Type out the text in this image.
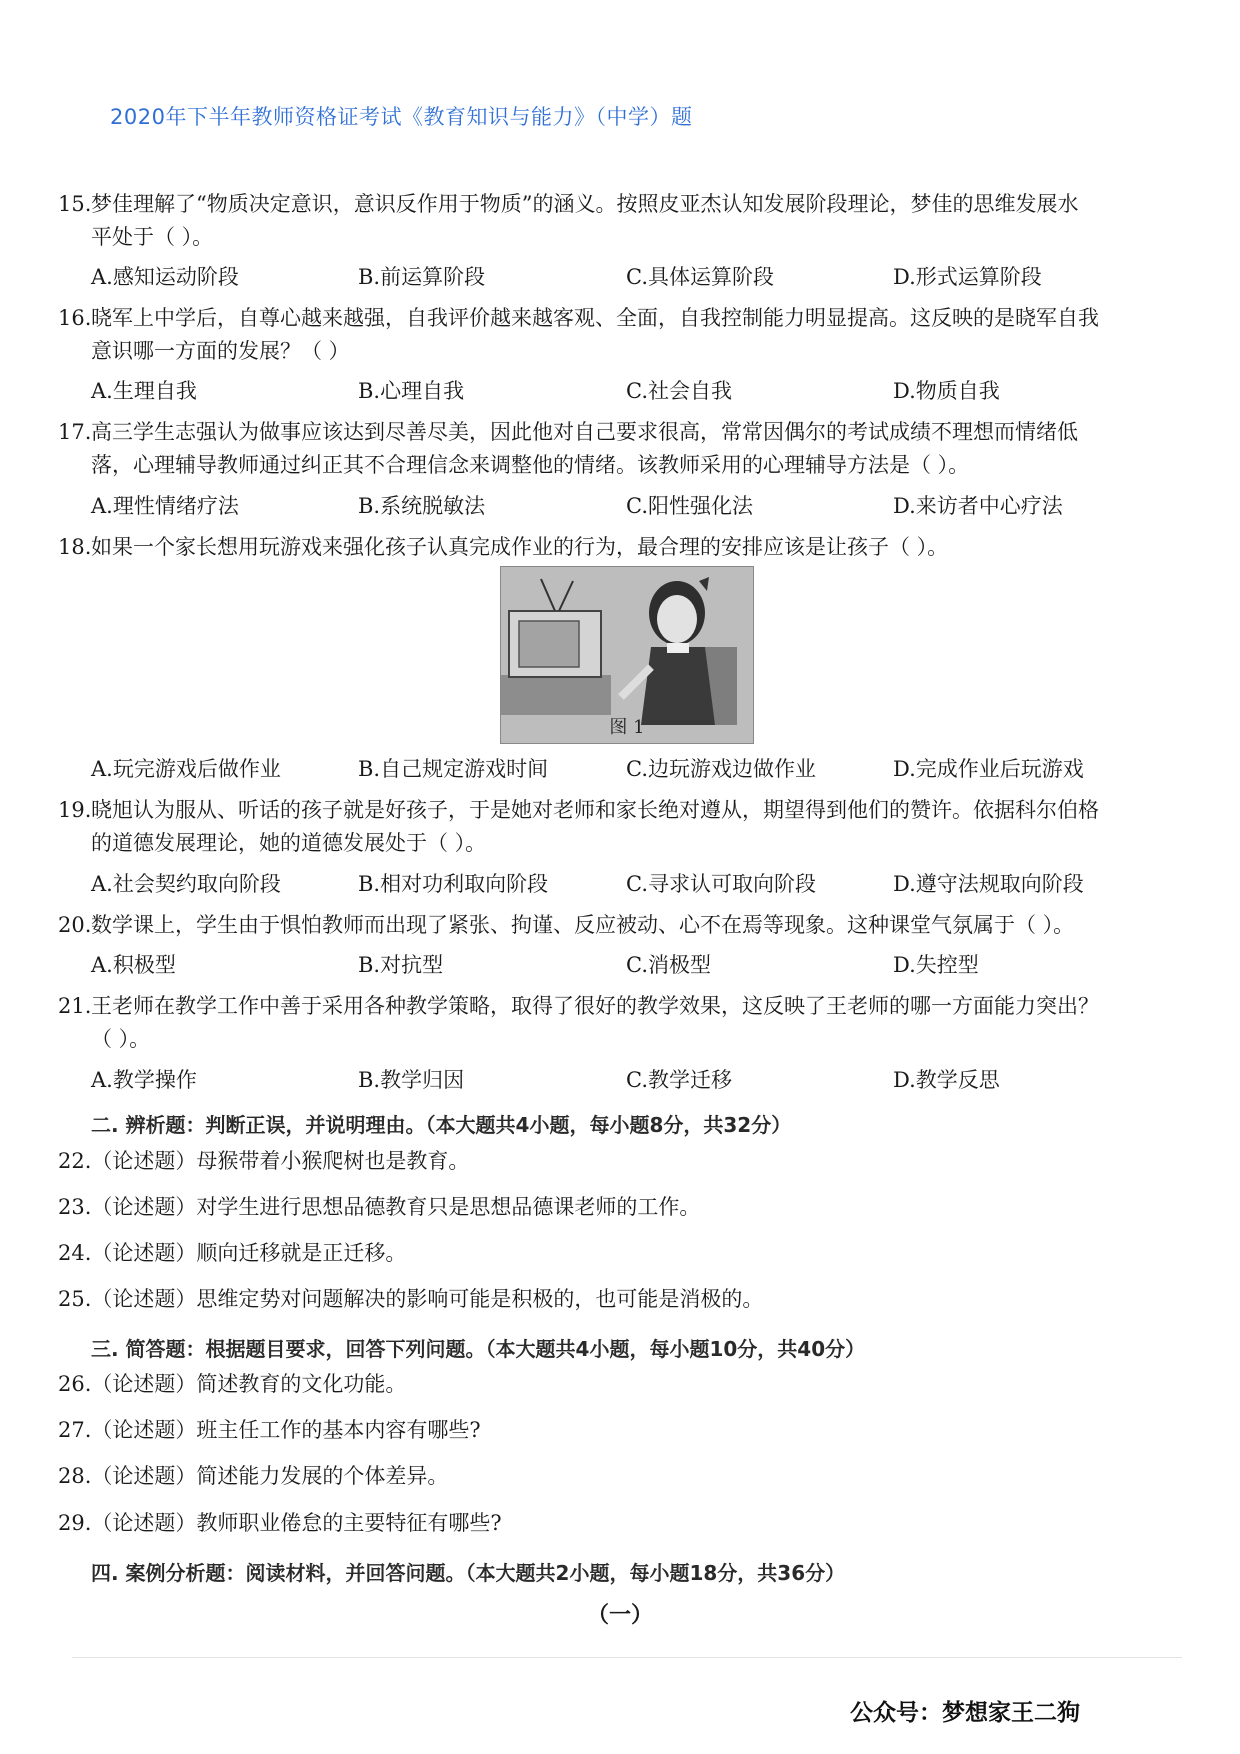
2020年下半年教师资格证考试《教育知识与能力》（中学）题
15.梦佳理解了“物质决定意识，意识反作用于物质”的涵义。按照皮亚杰认知发展阶段理论，梦佳的思维发展水
平处于（ ）。
A.感知运动阶段	B.前运算阶段	C.具体运算阶段	D.形式运算阶段
16.晓军上中学后，自尊心越来越强，自我评价越来越客观、全面，自我控制能力明显提高。这反映的是晓军自我
意识哪一方面的发展？（ ）
A.生理自我	B.心理自我	C.社会自我	D.物质自我
17.高三学生志强认为做事应该达到尽善尽美，因此他对自己要求很高，常常因偶尔的考试成绩不理想而情绪低
落，心理辅导教师通过纠正其不合理信念来调整他的情绪。该教师采用的心理辅导方法是（ ）。
A.理性情绪疗法	B.系统脱敏法	C.阳性强化法	D.来访者中心疗法
18.如果一个家长想用玩游戏来强化孩子认真完成作业的行为，最合理的安排应该是让孩子（ ）。
图 1
A.玩完游戏后做作业	B.自己规定游戏时间	C.边玩游戏边做作业	D.完成作业后玩游戏
19.晓旭认为服从、听话的孩子就是好孩子，于是她对老师和家长绝对遵从，期望得到他们的赞许。依据科尔伯格
的道德发展理论，她的道德发展处于（ ）。
A.社会契约取向阶段	B.相对功利取向阶段	C.寻求认可取向阶段	D.遵守法规取向阶段
20.数学课上，学生由于惧怕教师而出现了紧张、拘谨、反应被动、心不在焉等现象。这种课堂气氛属于（ ）。
A.积极型	B.对抗型	C.消极型	D.失控型
21.王老师在教学工作中善于采用各种教学策略，取得了很好的教学效果，这反映了王老师的哪一方面能力突出？
（ ）。
A.教学操作	B.教学归因	C.教学迁移	D.教学反思
二. 辨析题：判断正误，并说明理由。（本大题共4小题，每小题8分，共32分）
22.（论述题）母猴带着小猴爬树也是教育。
23.（论述题）对学生进行思想品德教育只是思想品德课老师的工作。
24.（论述题）顺向迁移就是正迁移。
25.（论述题）思维定势对问题解决的影响可能是积极的，也可能是消极的。
三. 简答题：根据题目要求，回答下列问题。（本大题共4小题，每小题10分，共40分）
26.（论述题）简述教育的文化功能。
27.（论述题）班主任工作的基本内容有哪些?
28.（论述题）简述能力发展的个体差异。
29.（论述题）教师职业倦怠的主要特征有哪些?
四. 案例分析题：阅读材料，并回答问题。（本大题共2小题，每小题18分，共36分）
（一）
公众号：梦想家王二狗
